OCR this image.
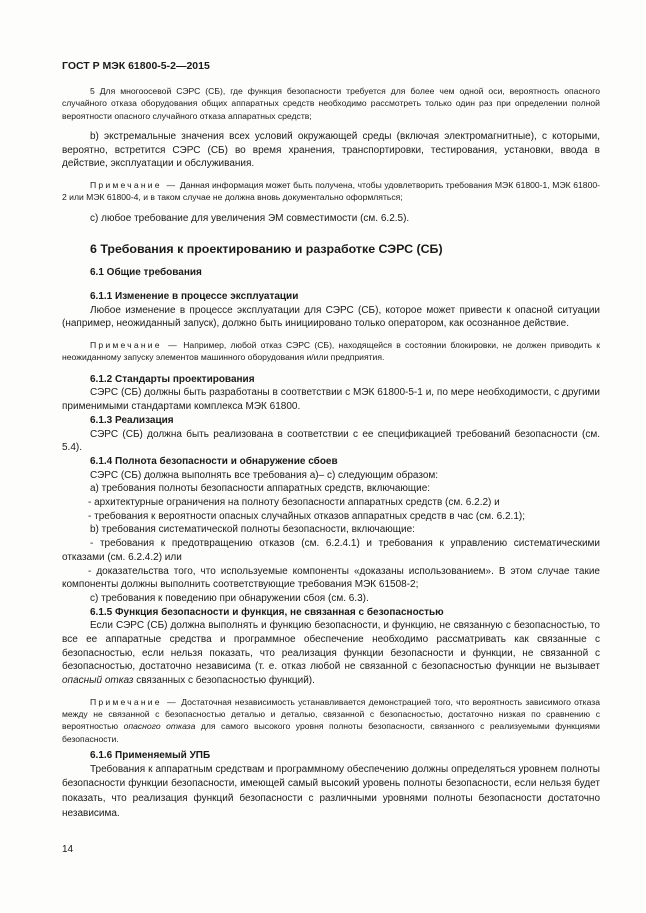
ГОСТ Р МЭК 61800-5-2—2015

5 Для многоосевой СЭРС (СБ), где функция безопасности требуется для более чем одной оси, вероятность опасного случайного отказа оборудования общих аппаратных средств необходимо рассмотреть только один раз при определении полной вероятности опасного случайного отказа аппаратных средств;

b) экстремальные значения всех условий окружающей среды (включая электромагнитные), с которыми, вероятно, встретится СЭРС (СБ) во время хранения, транспортировки, тестирования, установки, ввода в действие, эксплуатации и обслуживания.

Примечание — Данная информация может быть получена, чтобы удовлетворить требования МЭК 61800-1, МЭК 61800-2 или МЭК 61800-4, и в таком случае не должна вновь документально оформляться;

c) любое требование для увеличения ЭМ совместимости (см. 6.2.5).

6 Требования к проектированию и разработке СЭРС (СБ)

6.1 Общие требования

6.1.1 Изменение в процессе эксплуатации

Любое изменение в процессе эксплуатации для СЭРС (СБ), которое может привести к опасной ситуации (например, неожиданный запуск), должно быть инициировано только оператором, как осознанное действие.

Примечание — Например, любой отказ СЭРС (СБ), находящейся в состоянии блокировки, не должен приводить к неожиданному запуску элементов машинного оборудования и/или предприятия.

6.1.2 Стандарты проектирования

СЭРС (СБ) должны быть разработаны в соответствии с МЭК 61800-5-1 и, по мере необходимости, с другими применимыми стандартами комплекса МЭК 61800.

6.1.3 Реализация

СЭРС (СБ) должна быть реализована в соответствии с ее спецификацией требований безопасности (см. 5.4).

6.1.4 Полнота безопасности и обнаружение сбоев

СЭРС (СБ) должна выполнять все требования а)– с) следующим образом:

а) требования полноты безопасности аппаратных средств, включающие:

- архитектурные ограничения на полноту безопасности аппаратных средств (см. 6.2.2) и

- требования к вероятности опасных случайных отказов аппаратных средств в час (см. 6.2.1);

b) требования систематической полноты безопасности, включающие:

- требования к предотвращению отказов (см. 6.2.4.1) и требования к управлению систематическими отказами (см. 6.2.4.2) или

- доказательства того, что используемые компоненты «доказаны использованием». В этом случае такие компоненты должны выполнить соответствующие требования МЭК 61508-2;

с) требования к поведению при обнаружении сбоя (см. 6.3).

6.1.5 Функция безопасности и функция, не связанная с безопасностью

Если СЭРС (СБ) должна выполнять и функцию безопасности, и функцию, не связанную с безопасностью, то все ее аппаратные средства и программное обеспечение необходимо рассматривать как связанные с безопасностью, если нельзя показать, что реализация функции безопасности и функции, не связанной с безопасностью, достаточно независима (т. е. отказ любой не связанной с безопасностью функции не вызывает опасный отказ связанных с безопасностью функций).

Примечание — Достаточная независимость устанавливается демонстрацией того, что вероятность зависимого отказа между не связанной с безопасностью деталью и деталью, связанной с безопасностью, достаточно низкая по сравнению с вероятностью опасного отказа для самого высокого уровня полноты безопасности, связанного с реализуемыми функциями безопасности.

6.1.6 Применяемый УПБ

Требования к аппаратным средствам и программному обеспечению должны определяться уровнем полноты безопасности функции безопасности, имеющей самый высокий уровень полноты безопасности, если нельзя будет показать, что реализация функций безопасности с различными уровнями полноты безопасности достаточно независима.

14
